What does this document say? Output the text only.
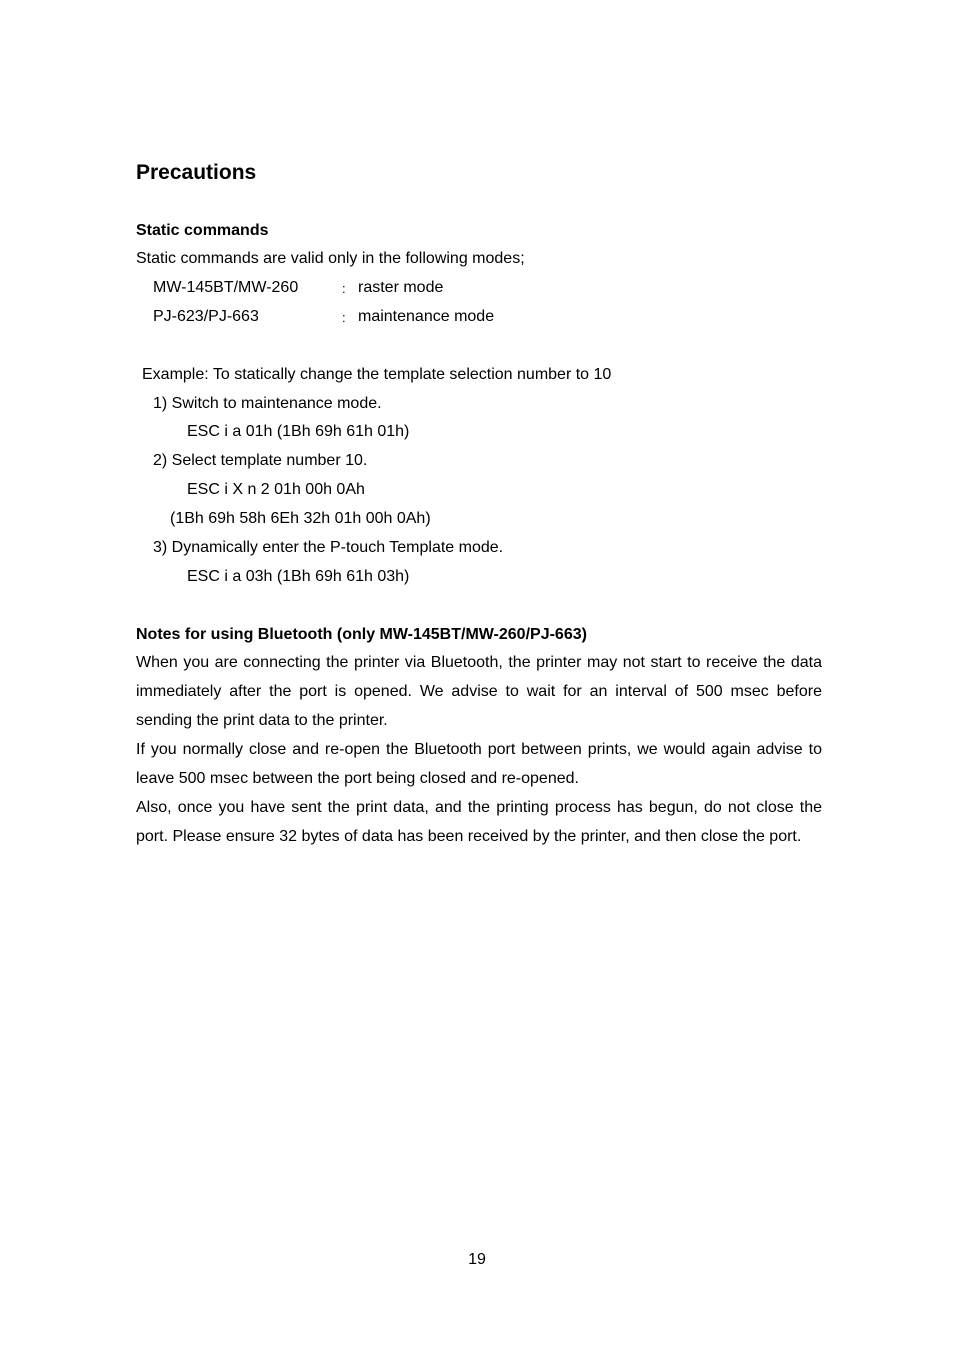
Precautions
Static commands
Static commands are valid only in the following modes;
MW-145BT/MW-260	: raster mode
PJ-623/PJ-663	: maintenance mode
Example: To statically change the template selection number to 10
1) Switch to maintenance mode.
ESC i a 01h (1Bh 69h 61h 01h)
2) Select template number 10.
ESC i X n 2 01h 00h 0Ah
(1Bh 69h 58h 6Eh 32h 01h 00h 0Ah)
3) Dynamically enter the P-touch Template mode.
ESC i a 03h (1Bh 69h 61h 03h)
Notes for using Bluetooth (only MW-145BT/MW-260/PJ-663)

When you are connecting the printer via Bluetooth, the printer may not start to receive the data immediately after the port is opened. We advise to wait for an interval of 500 msec before sending the print data to the printer.

If you normally close and re-open the Bluetooth port between prints, we would again advise to leave 500 msec between the port being closed and re-opened.

Also, once you have sent the print data, and the printing process has begun, do not close the port. Please ensure 32 bytes of data has been received by the printer, and then close the port.

19
